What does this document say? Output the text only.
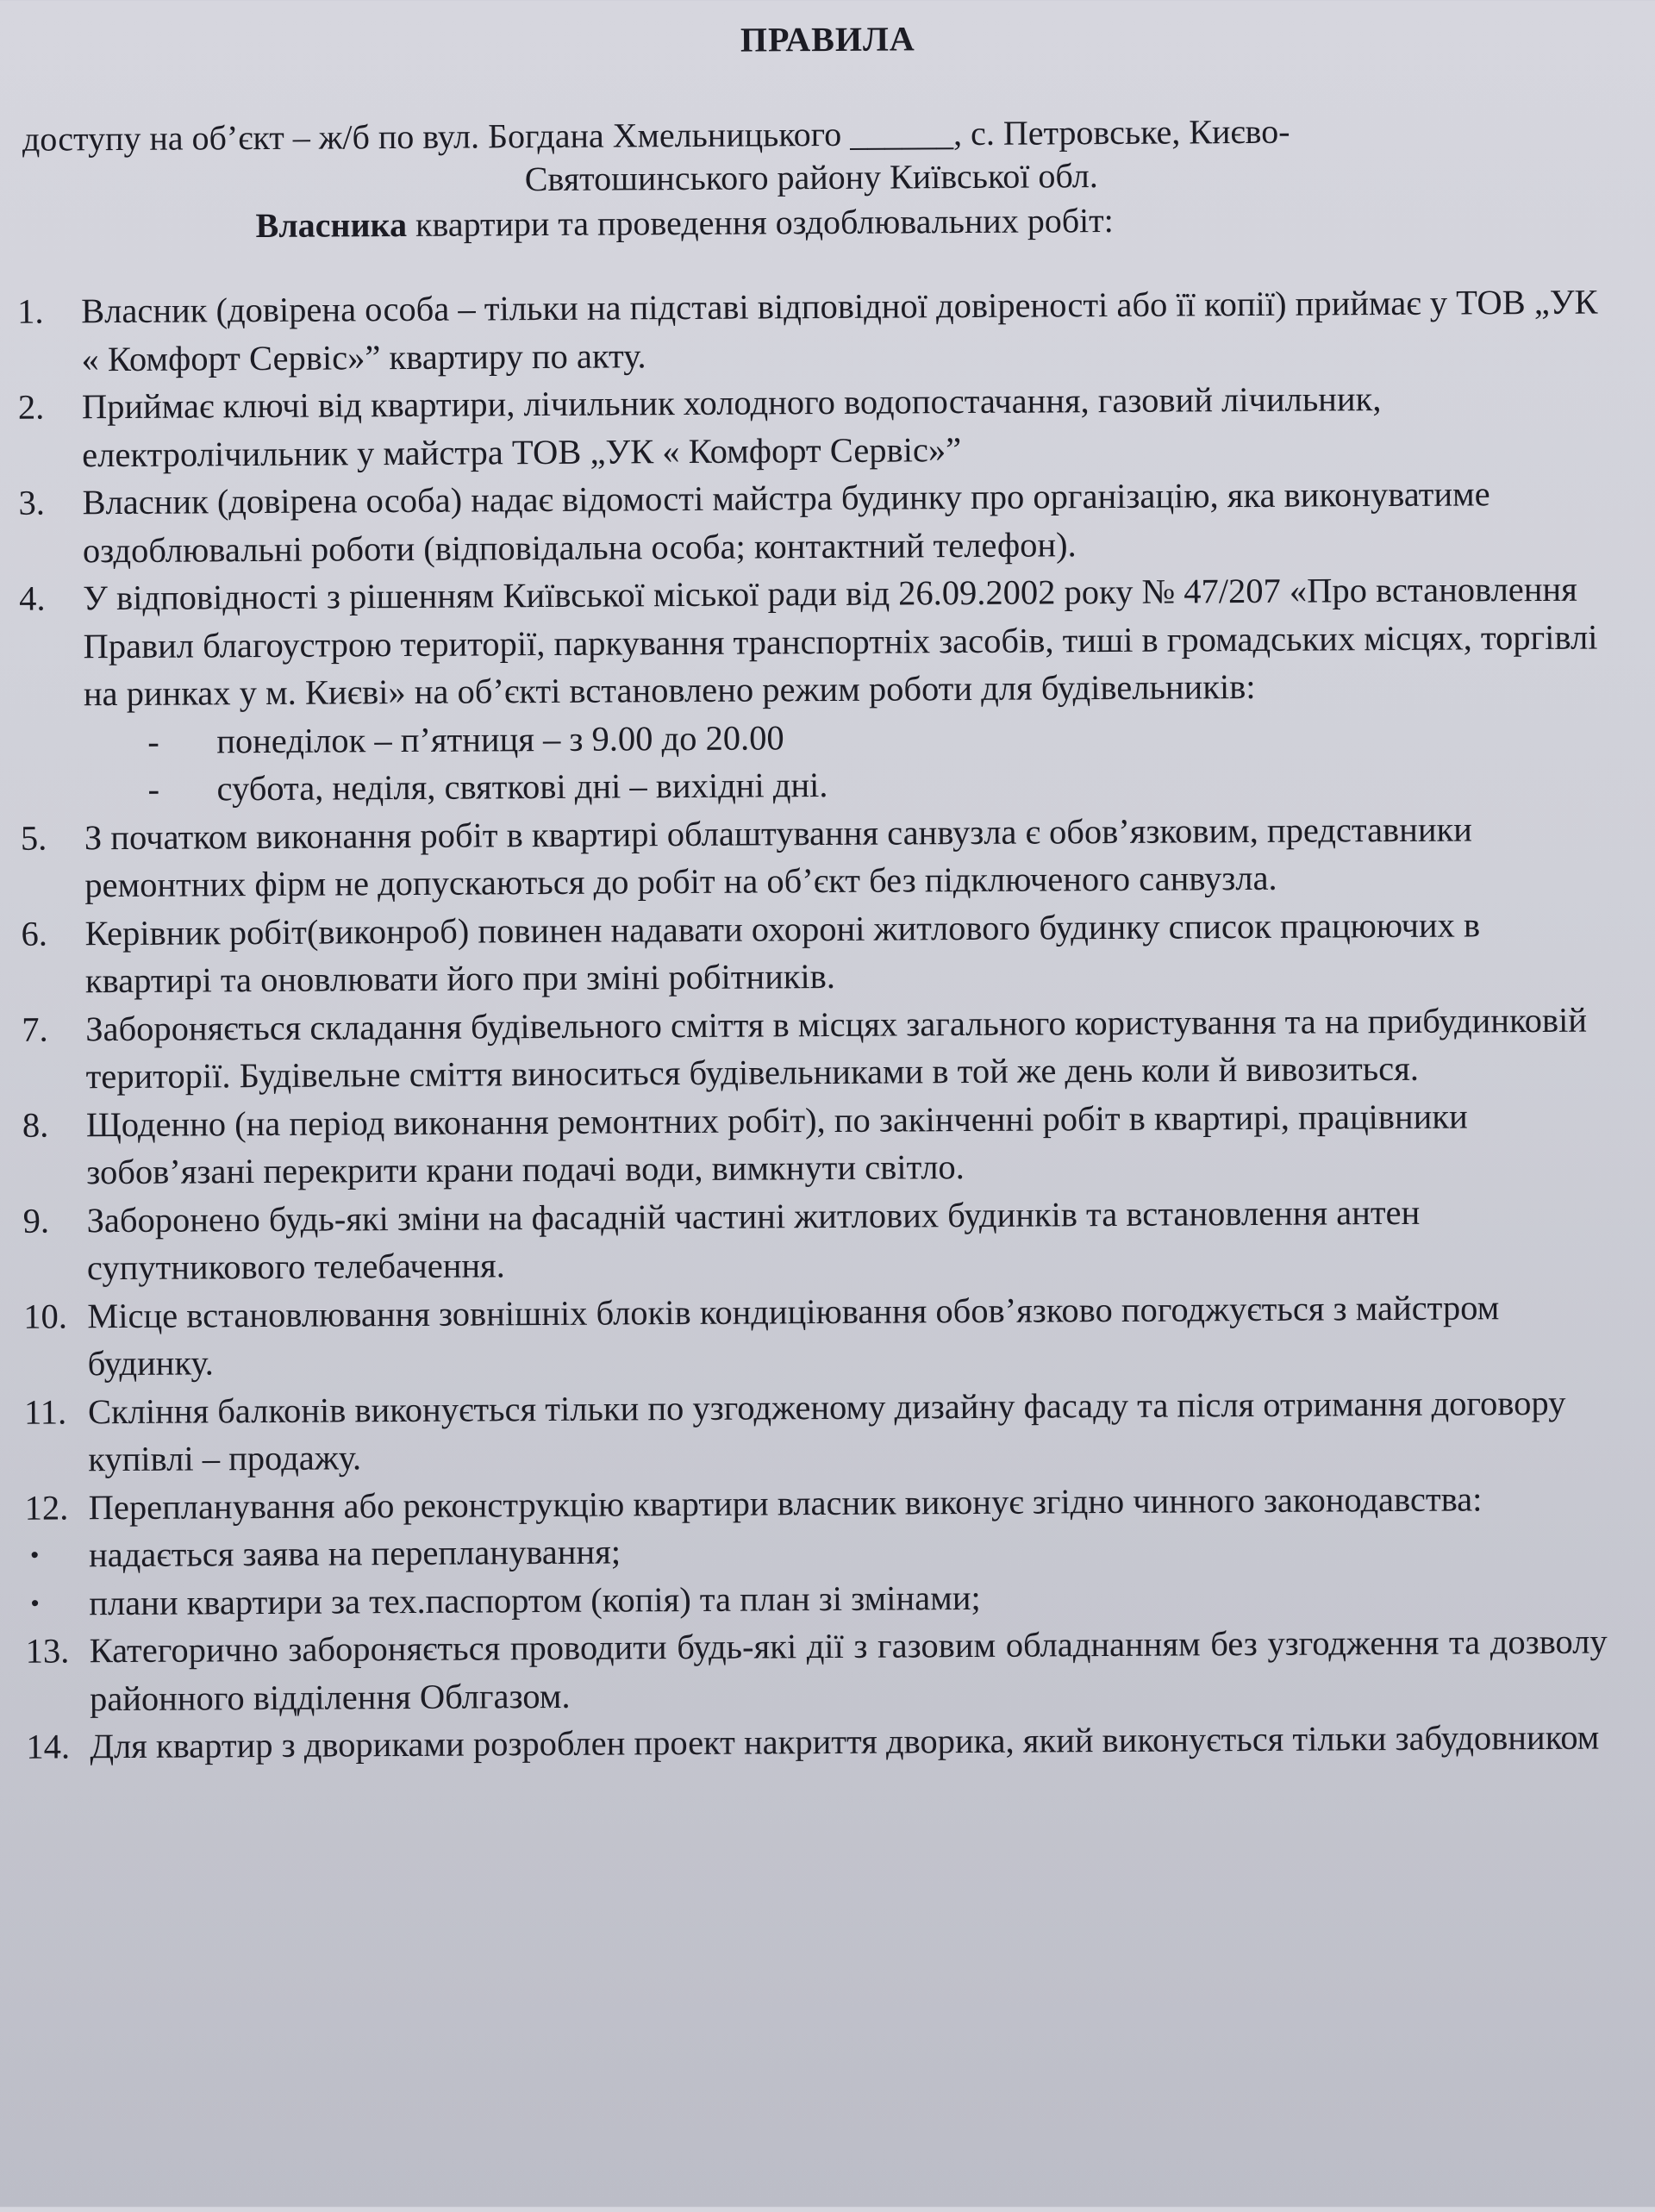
ПРАВИЛА
доступу на об’єкт – ж/б по вул. Богдана Хмельницького ______, с. Петровське, Києво-
Святошинського району Київської обл.
Власника квартири та проведення оздоблювальних робіт:
1.	Власник (довірена особа – тільки на підставі відповідної довіреності або її копії) приймає у ТОВ „УК « Комфорт Сервіс»” квартиру по акту.
2.	Приймає ключі від квартири, лічильник холодного водопостачання, газовий лічильник, електролічильник у майстра ТОВ „УК « Комфорт Сервіс»”
3.	Власник (довірена особа) надає відомості майстра будинку про організацію, яка виконуватиме оздоблювальні роботи (відповідальна особа; контактний телефон).
4.	У відповідності з рішенням Київської міської ради від 26.09.2002 року № 47/207 «Про встановлення Правил благоустрою території, паркування транспортніх засобів, тиші в громадських місцях, торгівлі на ринках у м. Києві» на об’єкті встановлено режим роботи для будівельників:
-	понеділок – п’ятниця – з 9.00 до 20.00
-	субота, неділя, святкові дні – вихідні дні.
5.	З початком виконання робіт в квартирі облаштування санвузла є обов’язковим, представники ремонтних фірм не допускаються до робіт на об’єкт без підключеного санвузла.
6.	Керівник робіт(виконроб) повинен надавати охороні житлового будинку список працюючих в квартирі та оновлювати його при зміні робітників.
7.	Забороняється складання будівельного сміття в місцях загального користування та на прибудинковій території. Будівельне сміття виноситься будівельниками в той же день коли й вивозиться.
8.	Щоденно (на період виконання ремонтних робіт), по закінченні робіт в квартирі, працівники зобов’язані перекрити крани подачі води, вимкнути світло.
9.	Заборонено будь-які зміни на фасадній частині житлових будинків та встановлення антен супутникового телебачення.
10. Місце встановлювання зовнішніх блоків кондиціювання обов’язково погоджується з майстром будинку.
11. Скління балконів виконується тільки по узгодженому дизайну фасаду та після отримання договору купівлі – продажу.
12. Перепланування або реконструкцію квартири власник виконує згідно чинного законодавства:
•	надається заява на перепланування;
•	плани квартири за тех.паспортом (копія) та план зі змінами;
13. Категорично забороняється проводити будь-які дії з газовим обладнанням без узгодження та дозволу районного відділення Облгазом.
14. Для квартир з двориками розроблен проект накриття дворика, який виконується тільки забудовником
